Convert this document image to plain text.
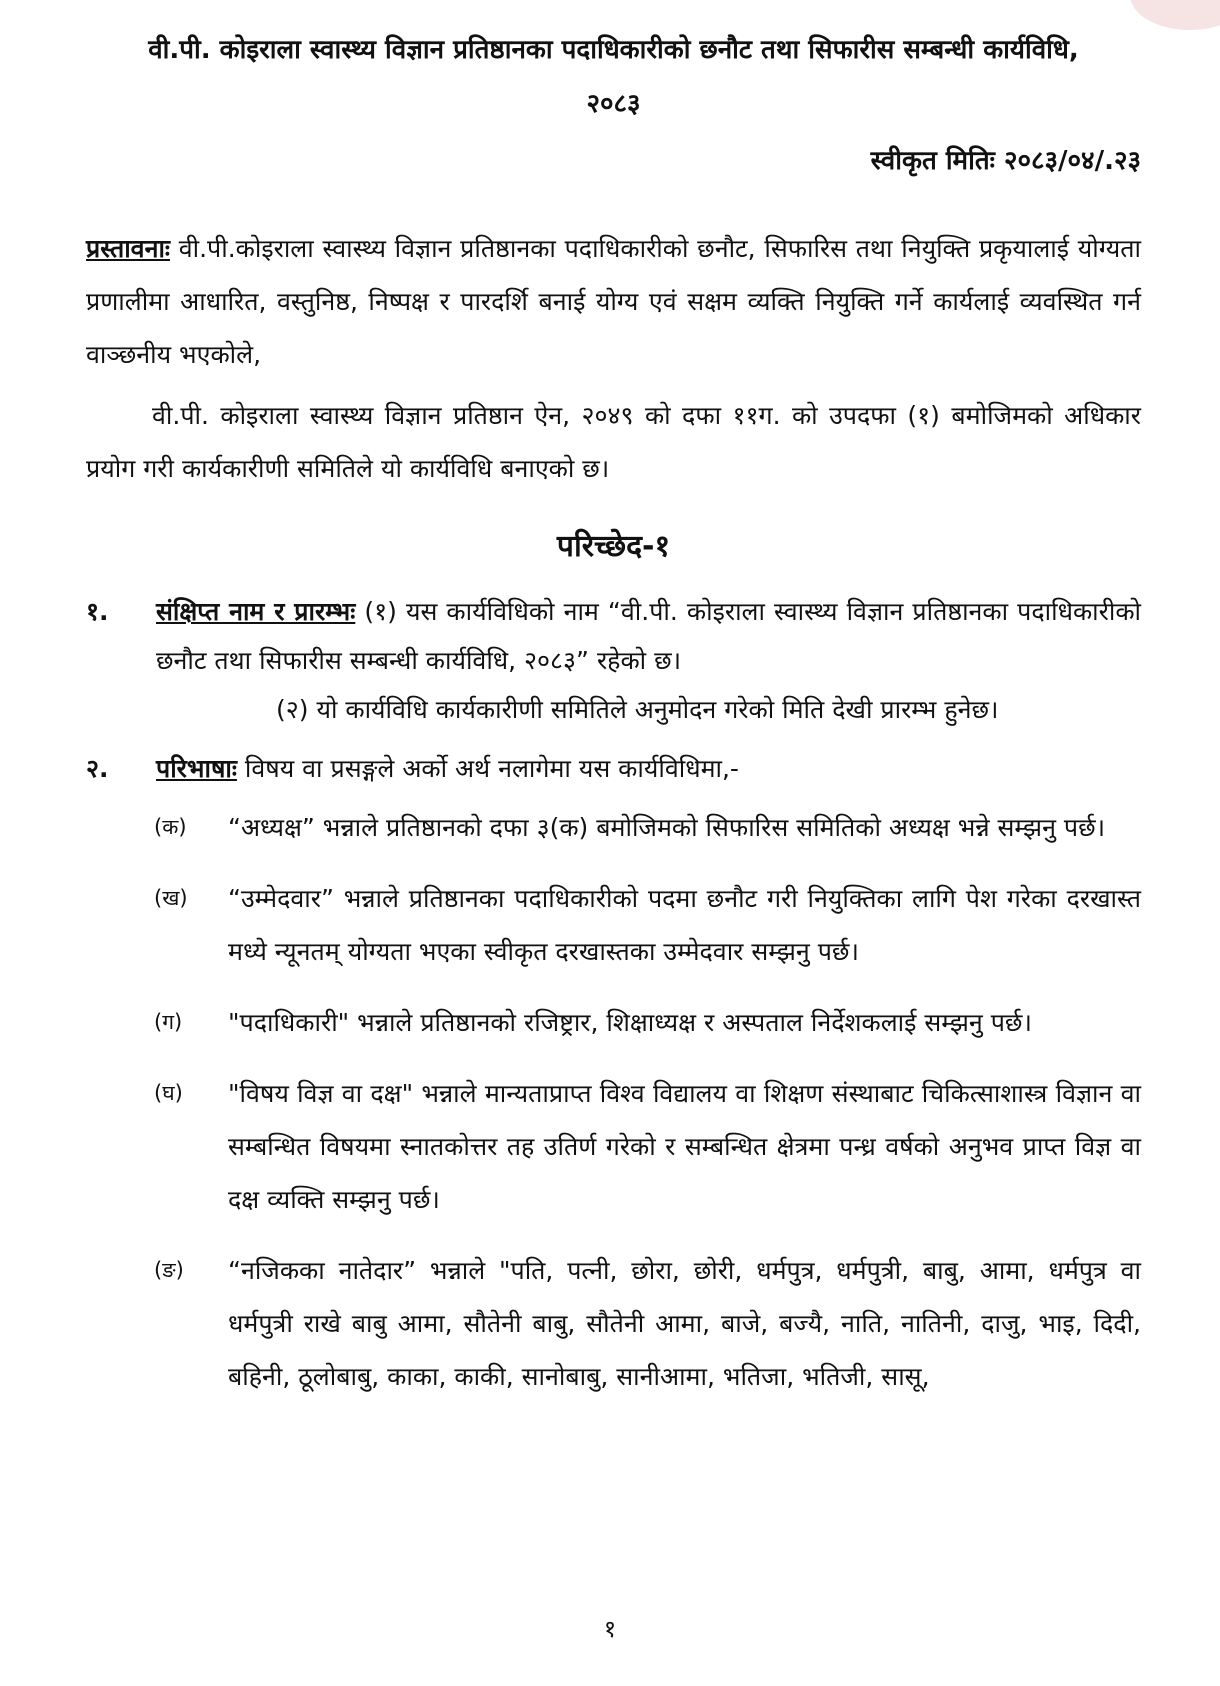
वी.पी. कोइराला स्वास्थ्य विज्ञान प्रतिष्ठानका पदाधिकारीको छनौट तथा सिफारीस सम्बन्धी कार्यविधि,

२०८३

स्वीकृत मितिः २०८३/०४/.२३

प्रस्तावनाः वी.पी.कोइराला स्वास्थ्य विज्ञान प्रतिष्ठानका पदाधिकारीको छनौट, सिफारिस तथा नियुक्ति प्रकृयालाई योग्यता प्रणालीमा आधारित, वस्तुनिष्ठ, निष्पक्ष र पारदर्शि बनाई योग्य एवं सक्षम व्यक्ति नियुक्ति गर्ने कार्यलाई व्यवस्थित गर्न वाञ्छनीय भएकोले,

वी.पी. कोइराला स्वास्थ्य विज्ञान प्रतिष्ठान ऐन, २०४९ को दफा ११ग. को उपदफा (१) बमोजिमको अधिकार प्रयोग गरी कार्यकारीणी समितिले यो कार्यविधि बनाएको छ।

परिच्छेद-१

१. संक्षिप्त नाम र प्रारम्भः (१) यस कार्यविधिको नाम “वी.पी. कोइराला स्वास्थ्य विज्ञान प्रतिष्ठानका पदाधिकारीको छनौट तथा सिफारीस सम्बन्धी कार्यविधि, २०८३” रहेको छ।

(२) यो कार्यविधि कार्यकारीणी समितिले अनुमोदन गरेको मिति देखी प्रारम्भ हुनेछ।

२. परिभाषाः विषय वा प्रसङ्गले अर्को अर्थ नलागेमा यस कार्यविधिमा,-
(क) “अध्यक्ष” भन्नाले प्रतिष्ठानको दफा ३(क) बमोजिमको सिफारिस समितिको अध्यक्ष भन्ने सम्झनु पर्छ।
(ख) “उम्मेदवार” भन्नाले प्रतिष्ठानका पदाधिकारीको पदमा छनौट गरी नियुक्तिका लागि पेश गरेका दरखास्त मध्ये न्यूनतम् योग्यता भएका स्वीकृत दरखास्तका उम्मेदवार सम्झनु पर्छ।
(ग) "पदाधिकारी" भन्नाले प्रतिष्ठानको रजिष्ट्रार, शिक्षाध्यक्ष र अस्पताल निर्देशकलाई सम्झनु पर्छ।
(घ) "विषय विज्ञ वा दक्ष" भन्नाले मान्यताप्राप्त विश्व विद्यालय वा शिक्षण संस्थाबाट चिकित्साशास्त्र विज्ञान वा सम्बन्धित विषयमा स्नातकोत्तर तह उतिर्ण गरेको र सम्बन्धित क्षेत्रमा पन्ध्र वर्षको अनुभव प्राप्त विज्ञ वा दक्ष व्यक्ति सम्झनु पर्छ।
(ङ) “नजिकका नातेदार” भन्नाले "पति, पत्नी, छोरा, छोरी, धर्मपुत्र, धर्मपुत्री, बाबु, आमा, धर्मपुत्र वा धर्मपुत्री राखे बाबु आमा, सौतेनी बाबु, सौतेनी आमा, बाजे, बज्यै, नाति, नातिनी, दाजु, भाइ, दिदी, बहिनी, ठूलोबाबु, काका, काकी, सानोबाबु, सानीआमा, भतिजा, भतिजी, सासू,
१
